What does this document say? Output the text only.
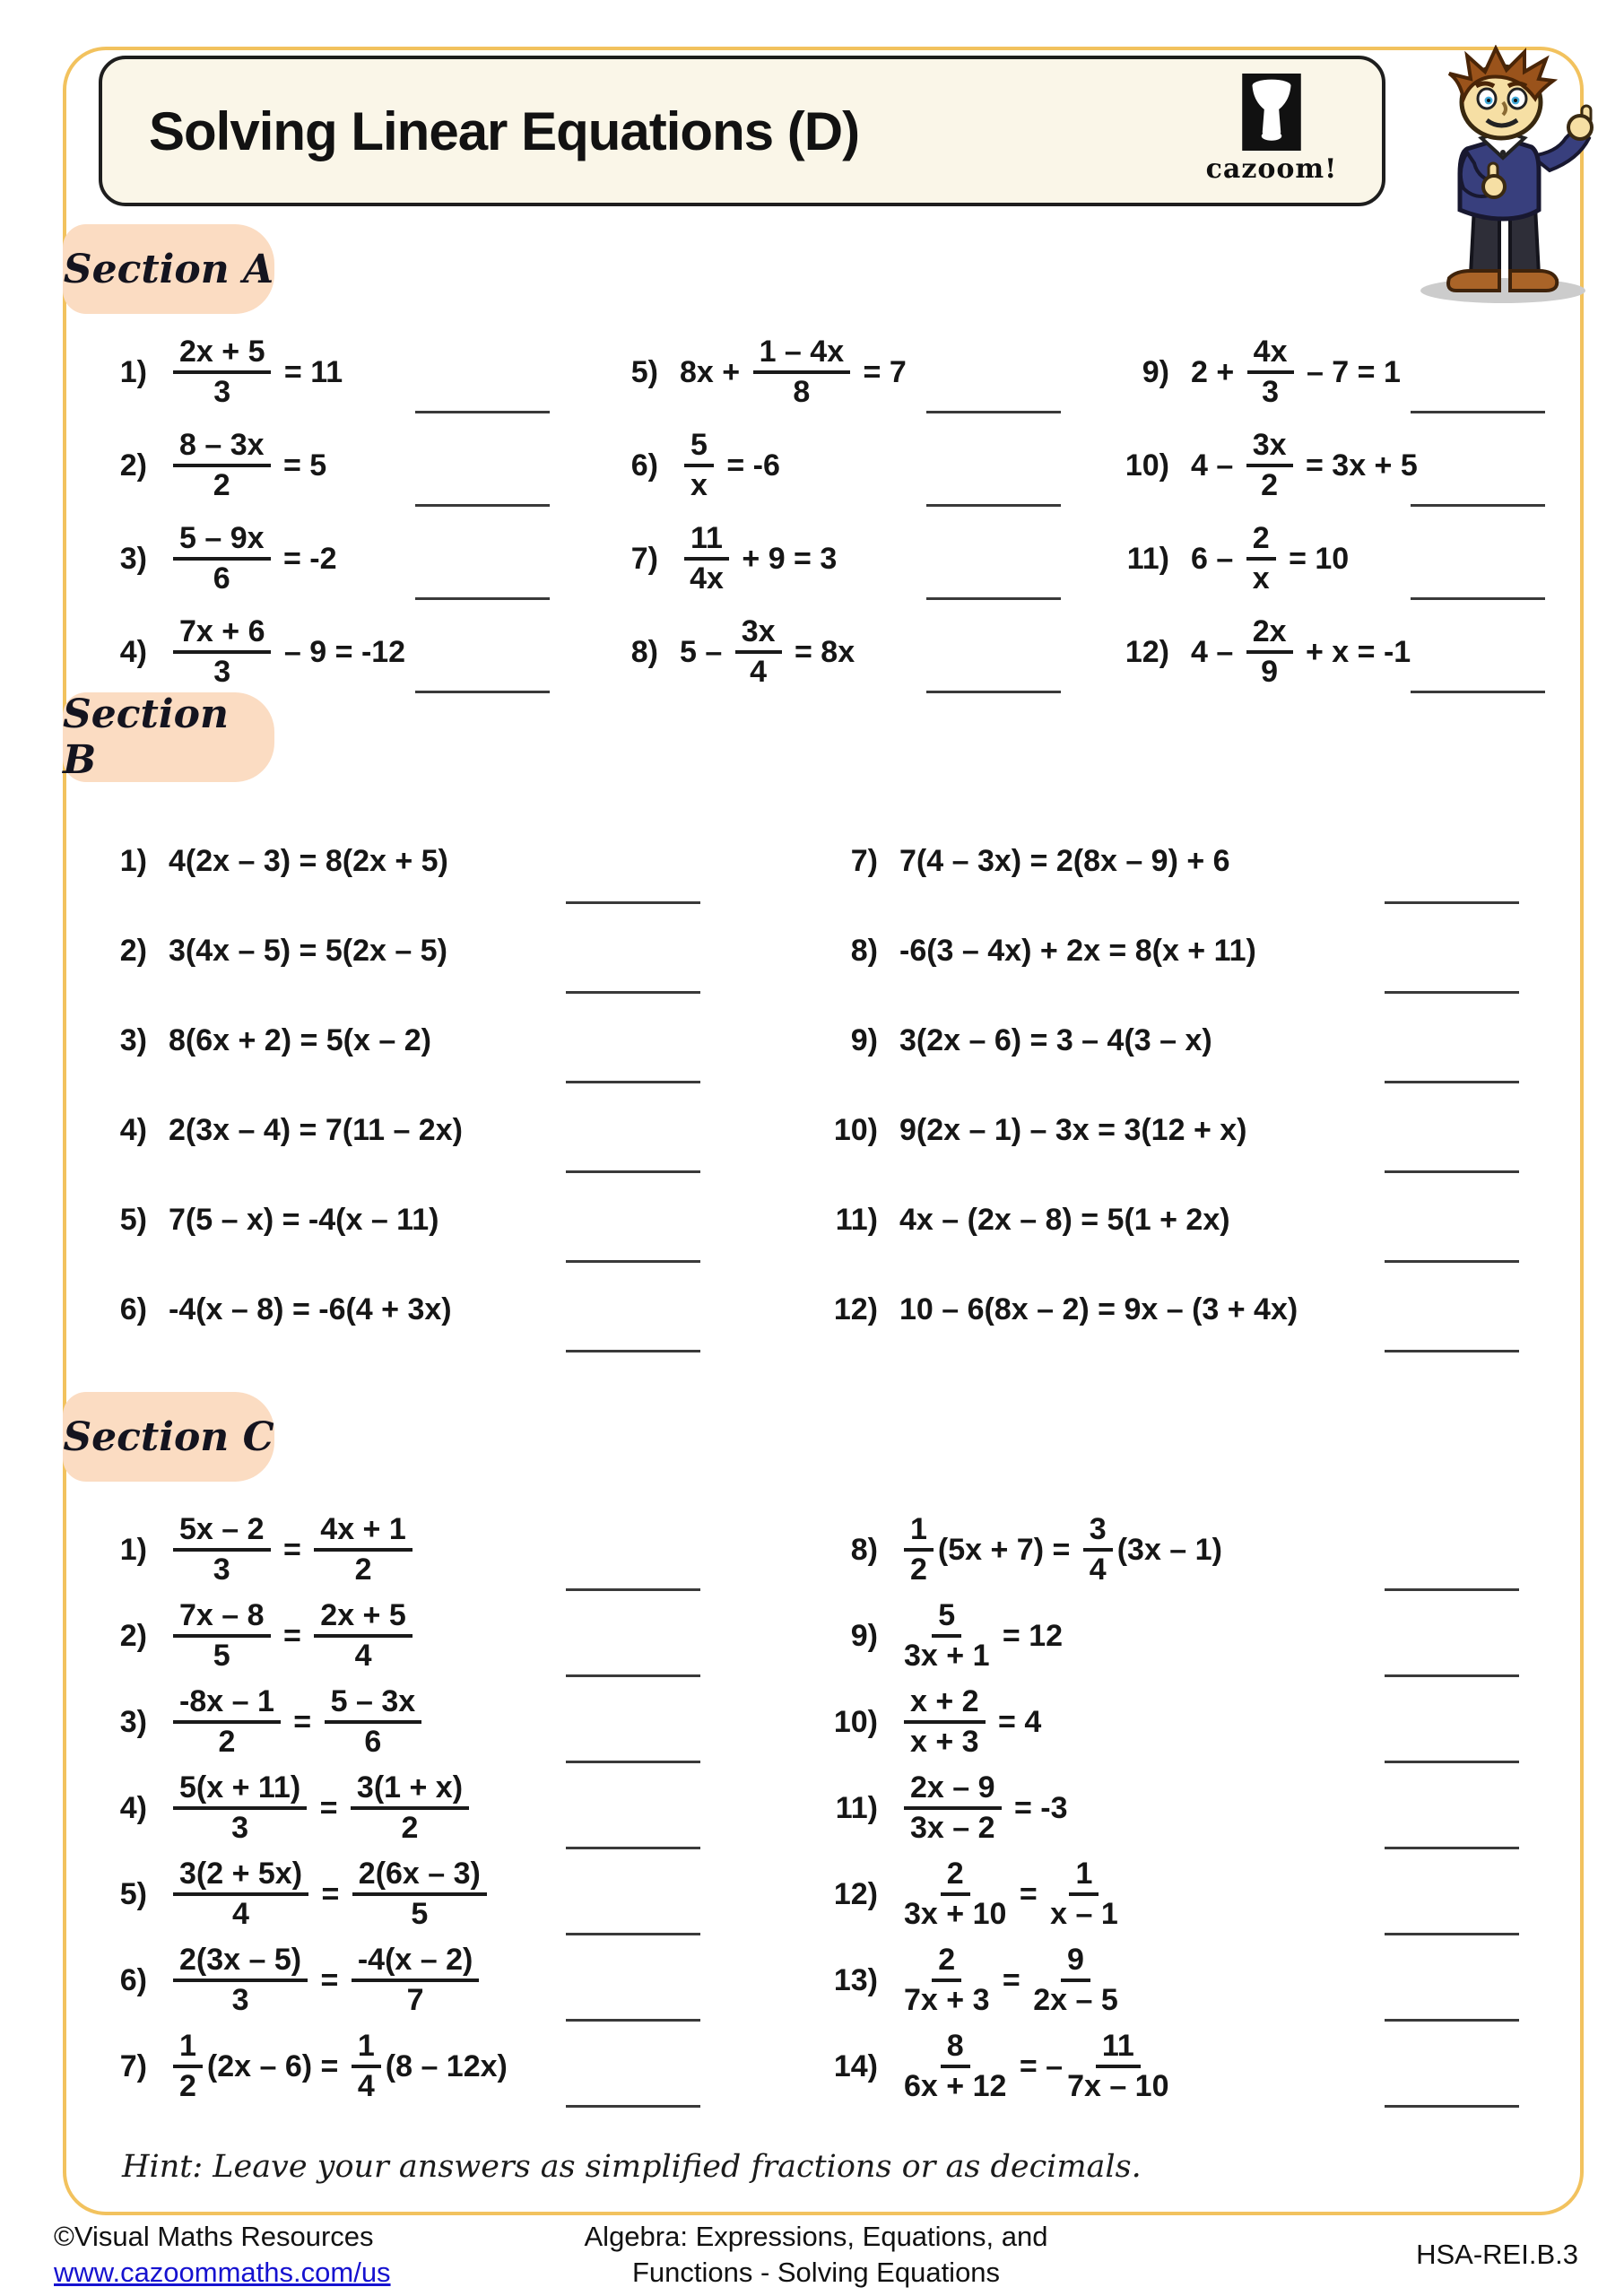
Solving Linear Equations (D)
cazoom!
Section A
$1) \frac{2x + 5}{3} = 11$
$2) \frac{8 - 3x}{2} = 5$
$3) \frac{5 - 9x}{6} = -2$
$4) \frac{7x + 6}{3} - 9 = -12$
5) $8x + \frac{1 - 4x}{8} = 7$
$6) \frac{5}{x} = -6$
$7) \frac{11}{4x} + 9 = 3$
8) $5 - \frac{3x}{4} = 8x$
9) $2 + \frac{4x}{3} - 7 = 1$
10) $4 - \frac{3x}{2} = 3x + 5$
11) $6 - \frac{2}{x} = 10$
12) $4 - \frac{2x}{9} + x = -1$
Section B
1) 4(2x – 3) = 8(2x + 5)
2) 3(4x – 5) = 5(2x – 5)
3) 8(6x + 2) = 5(x – 2)
4) 2(3x – 4) = 7(11 – 2x)
5) 7(5 – x) = -4(x – 11)
6) -4(x – 8) = -6(4 + 3x)
7) 7(4 – 3x) = 2(8x – 9) + 6
8) -6(3 – 4x) + 2x = 8(x + 11)
9) 3(2x – 6) = 3 – 4(3 – x)
10) 9(2x – 1) – 3x = 3(12 + x)
11) 4x – (2x – 8) = 5(1 + 2x)
12) 10 – 6(8x – 2) = 9x – (3 + 4x)
Section C
$1) \frac{5x - 2}{3} = \frac{4x + 1}{2}$
$2) \frac{7x - 8}{5} = \frac{2x + 5}{4}$
$3) \frac{-8x - 1}{2} = \frac{5 - 3x}{6}$
$4) \frac{5(x + 11)}{3} = \frac{3(1 + x)}{2}$
$5) \frac{3(2 + 5x)}{4} = \frac{2(6x - 3)}{5}$
$6) \frac{2(3x - 5)}{3} = \frac{-4(x - 2)}{7}$
$7) \frac{1}{2} (2x - 6) = \frac{1}{4} (8 - 12x)$
$8) \frac{1}{2} (5x + 7) = \frac{3}{4} (3x - 1)$
$9) \frac{5}{3x + 1} = 12$
$10) \frac{x + 2}{x + 3} = 4$
$11) \frac{2x - 9}{3x - 2} = -3$
$12) \frac{2}{3x + 10} = \frac{1}{x - 1}$
$13) \frac{2}{7x + 3} = \frac{9}{2x - 5}$
$14) \frac{8}{6x + 12}$ = – $\frac{11}{7x - 10}$
Hint: Leave your answers as simplified fractions or as decimals.
©Visual Maths Resources
www.cazoommaths.com/us
Algebra: Expressions, Equations, and
Functions - Solving Equations
HSA-REI.B.3
